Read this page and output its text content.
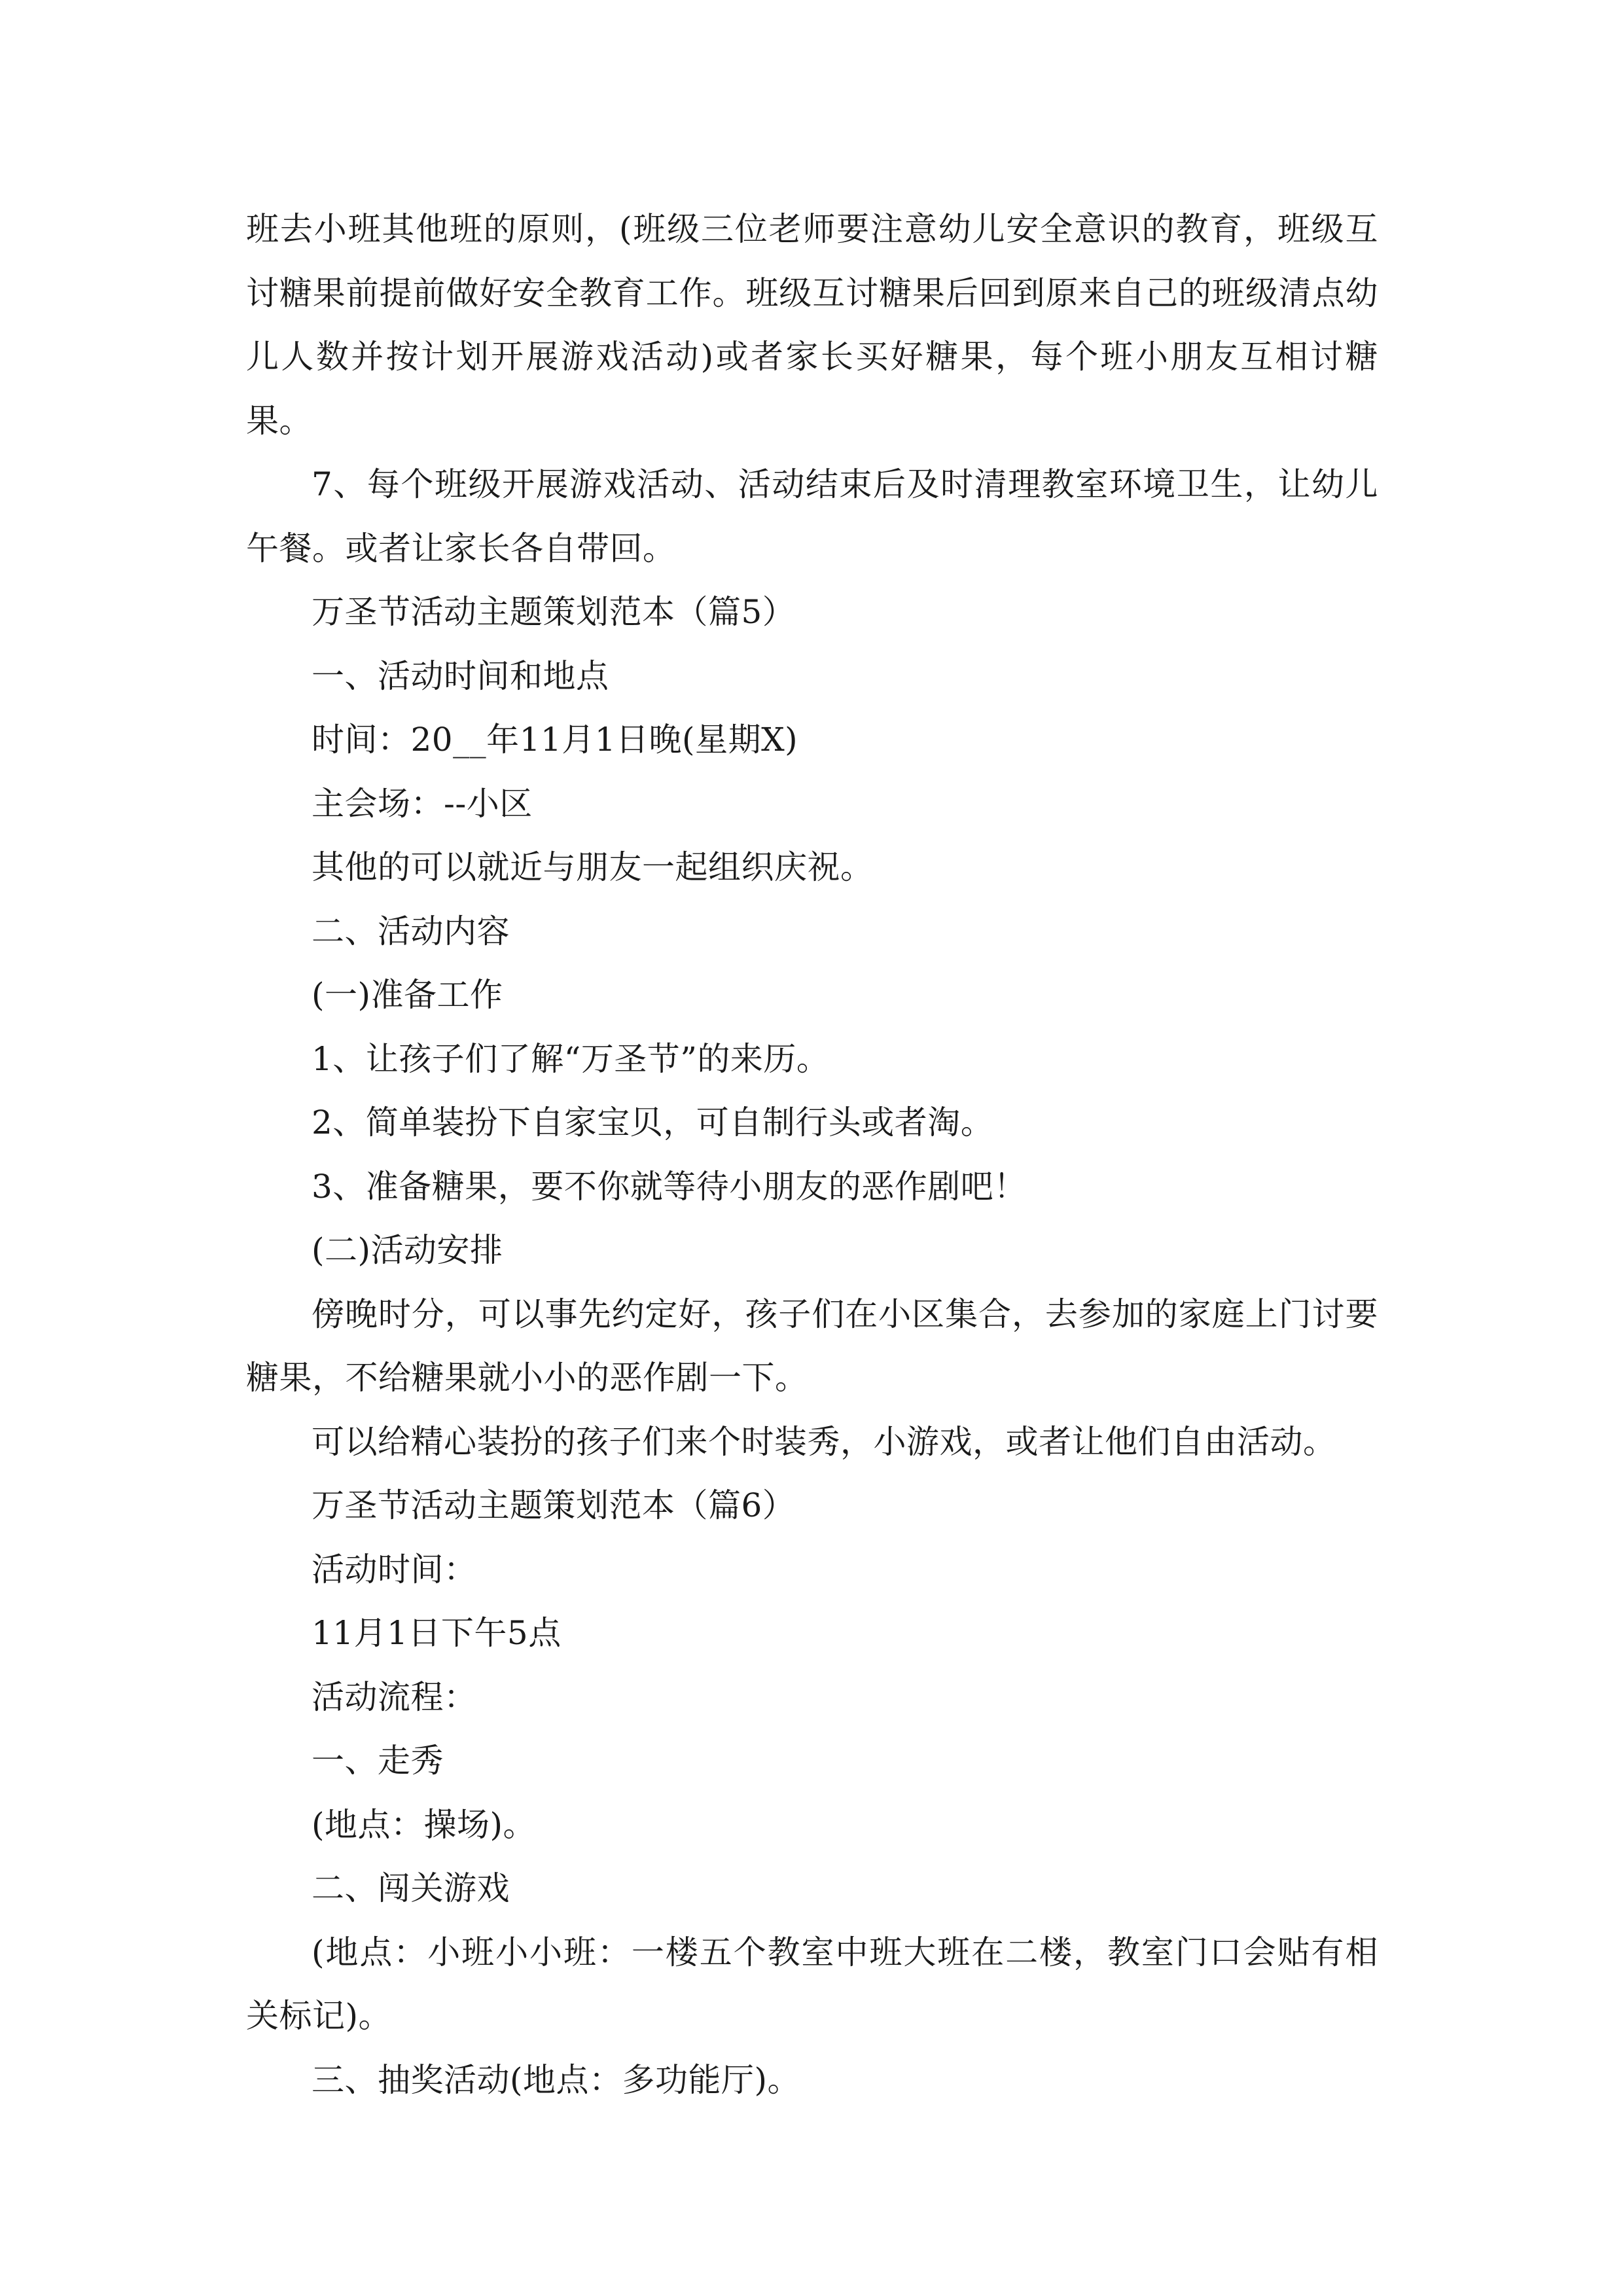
班去小班其他班的原则，(班级三位老师要注意幼儿安全意识的教育，班级互讨糖果前提前做好安全教育工作。班级互讨糖果后回到原来自己的班级清点幼儿人数并按计划开展游戏活动)或者家长买好糖果，每个班小朋友互相讨糖果。

7、每个班级开展游戏活动、活动结束后及时清理教室环境卫生，让幼儿午餐。或者让家长各自带回。

万圣节活动主题策划范本（篇5）

一、活动时间和地点

时间：20__年11月1日晚(星期X)

主会场：--小区

其他的可以就近与朋友一起组织庆祝。

二、活动内容

(一)准备工作

1、让孩子们了解“万圣节”的来历。

2、简单装扮下自家宝贝，可自制行头或者淘。

3、准备糖果，要不你就等待小朋友的恶作剧吧！

(二)活动安排

傍晚时分，可以事先约定好，孩子们在小区集合，去参加的家庭上门讨要糖果，不给糖果就小小的恶作剧一下。

可以给精心装扮的孩子们来个时装秀，小游戏，或者让他们自由活动。

万圣节活动主题策划范本（篇6）

活动时间：

11月1日下午5点

活动流程：

一、走秀

(地点：操场)。

二、闯关游戏

(地点：小班小小班：一楼五个教室中班大班在二楼，教室门口会贴有相关标记)。

三、抽奖活动(地点：多功能厅)。
